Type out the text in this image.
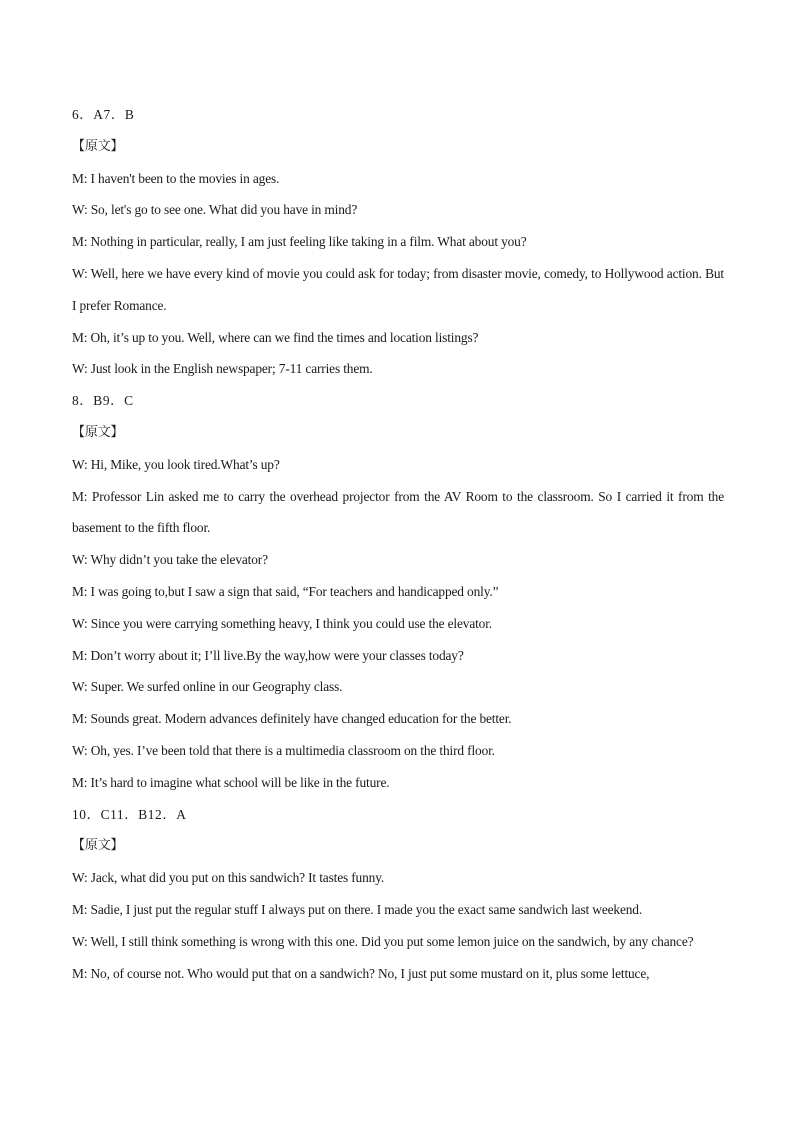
6．A7．B
【原文】
M: I haven't been to the movies in ages.
W: So, let's go to see one. What did you have in mind?
M: Nothing in particular, really, I am just feeling like taking in a film. What about you?
W: Well, here we have every kind of movie you could ask for today; from disaster movie, comedy, to Hollywood action. But I prefer Romance.
M: Oh, it’s up to you. Well, where can we find the times and location listings?
W: Just look in the English newspaper; 7-11 carries them.
8．B9．C
【原文】
W: Hi, Mike, you look tired.What’s up?
M: Professor Lin asked me to carry the overhead projector from the AV Room to the classroom. So I carried it from the basement to the fifth floor.
W: Why didn’t you take the elevator?
M: I was going to,but I saw a sign that said, “For teachers and handicapped only.”
W: Since you were carrying something heavy, I think you could use the elevator.
M: Don’t worry about it; I’ll live.By the way,how were your classes today?
W: Super. We surfed online in our Geography class.
M: Sounds great. Modern advances definitely have changed education for the better.
W: Oh, yes. I’ve been told that there is a multimedia classroom on the third floor.
M: It’s hard to imagine what school will be like in the future.
10．C11．B12．A
【原文】
W: Jack, what did you put on this sandwich? It tastes funny.
M: Sadie, I just put the regular stuff I always put on there. I made you the exact same sandwich last weekend.
W: Well, I still think something is wrong with this one. Did you put some lemon juice on the sandwich, by any chance?
M: No, of course not. Who would put that on a sandwich? No, I just put some mustard on it, plus some lettuce,
